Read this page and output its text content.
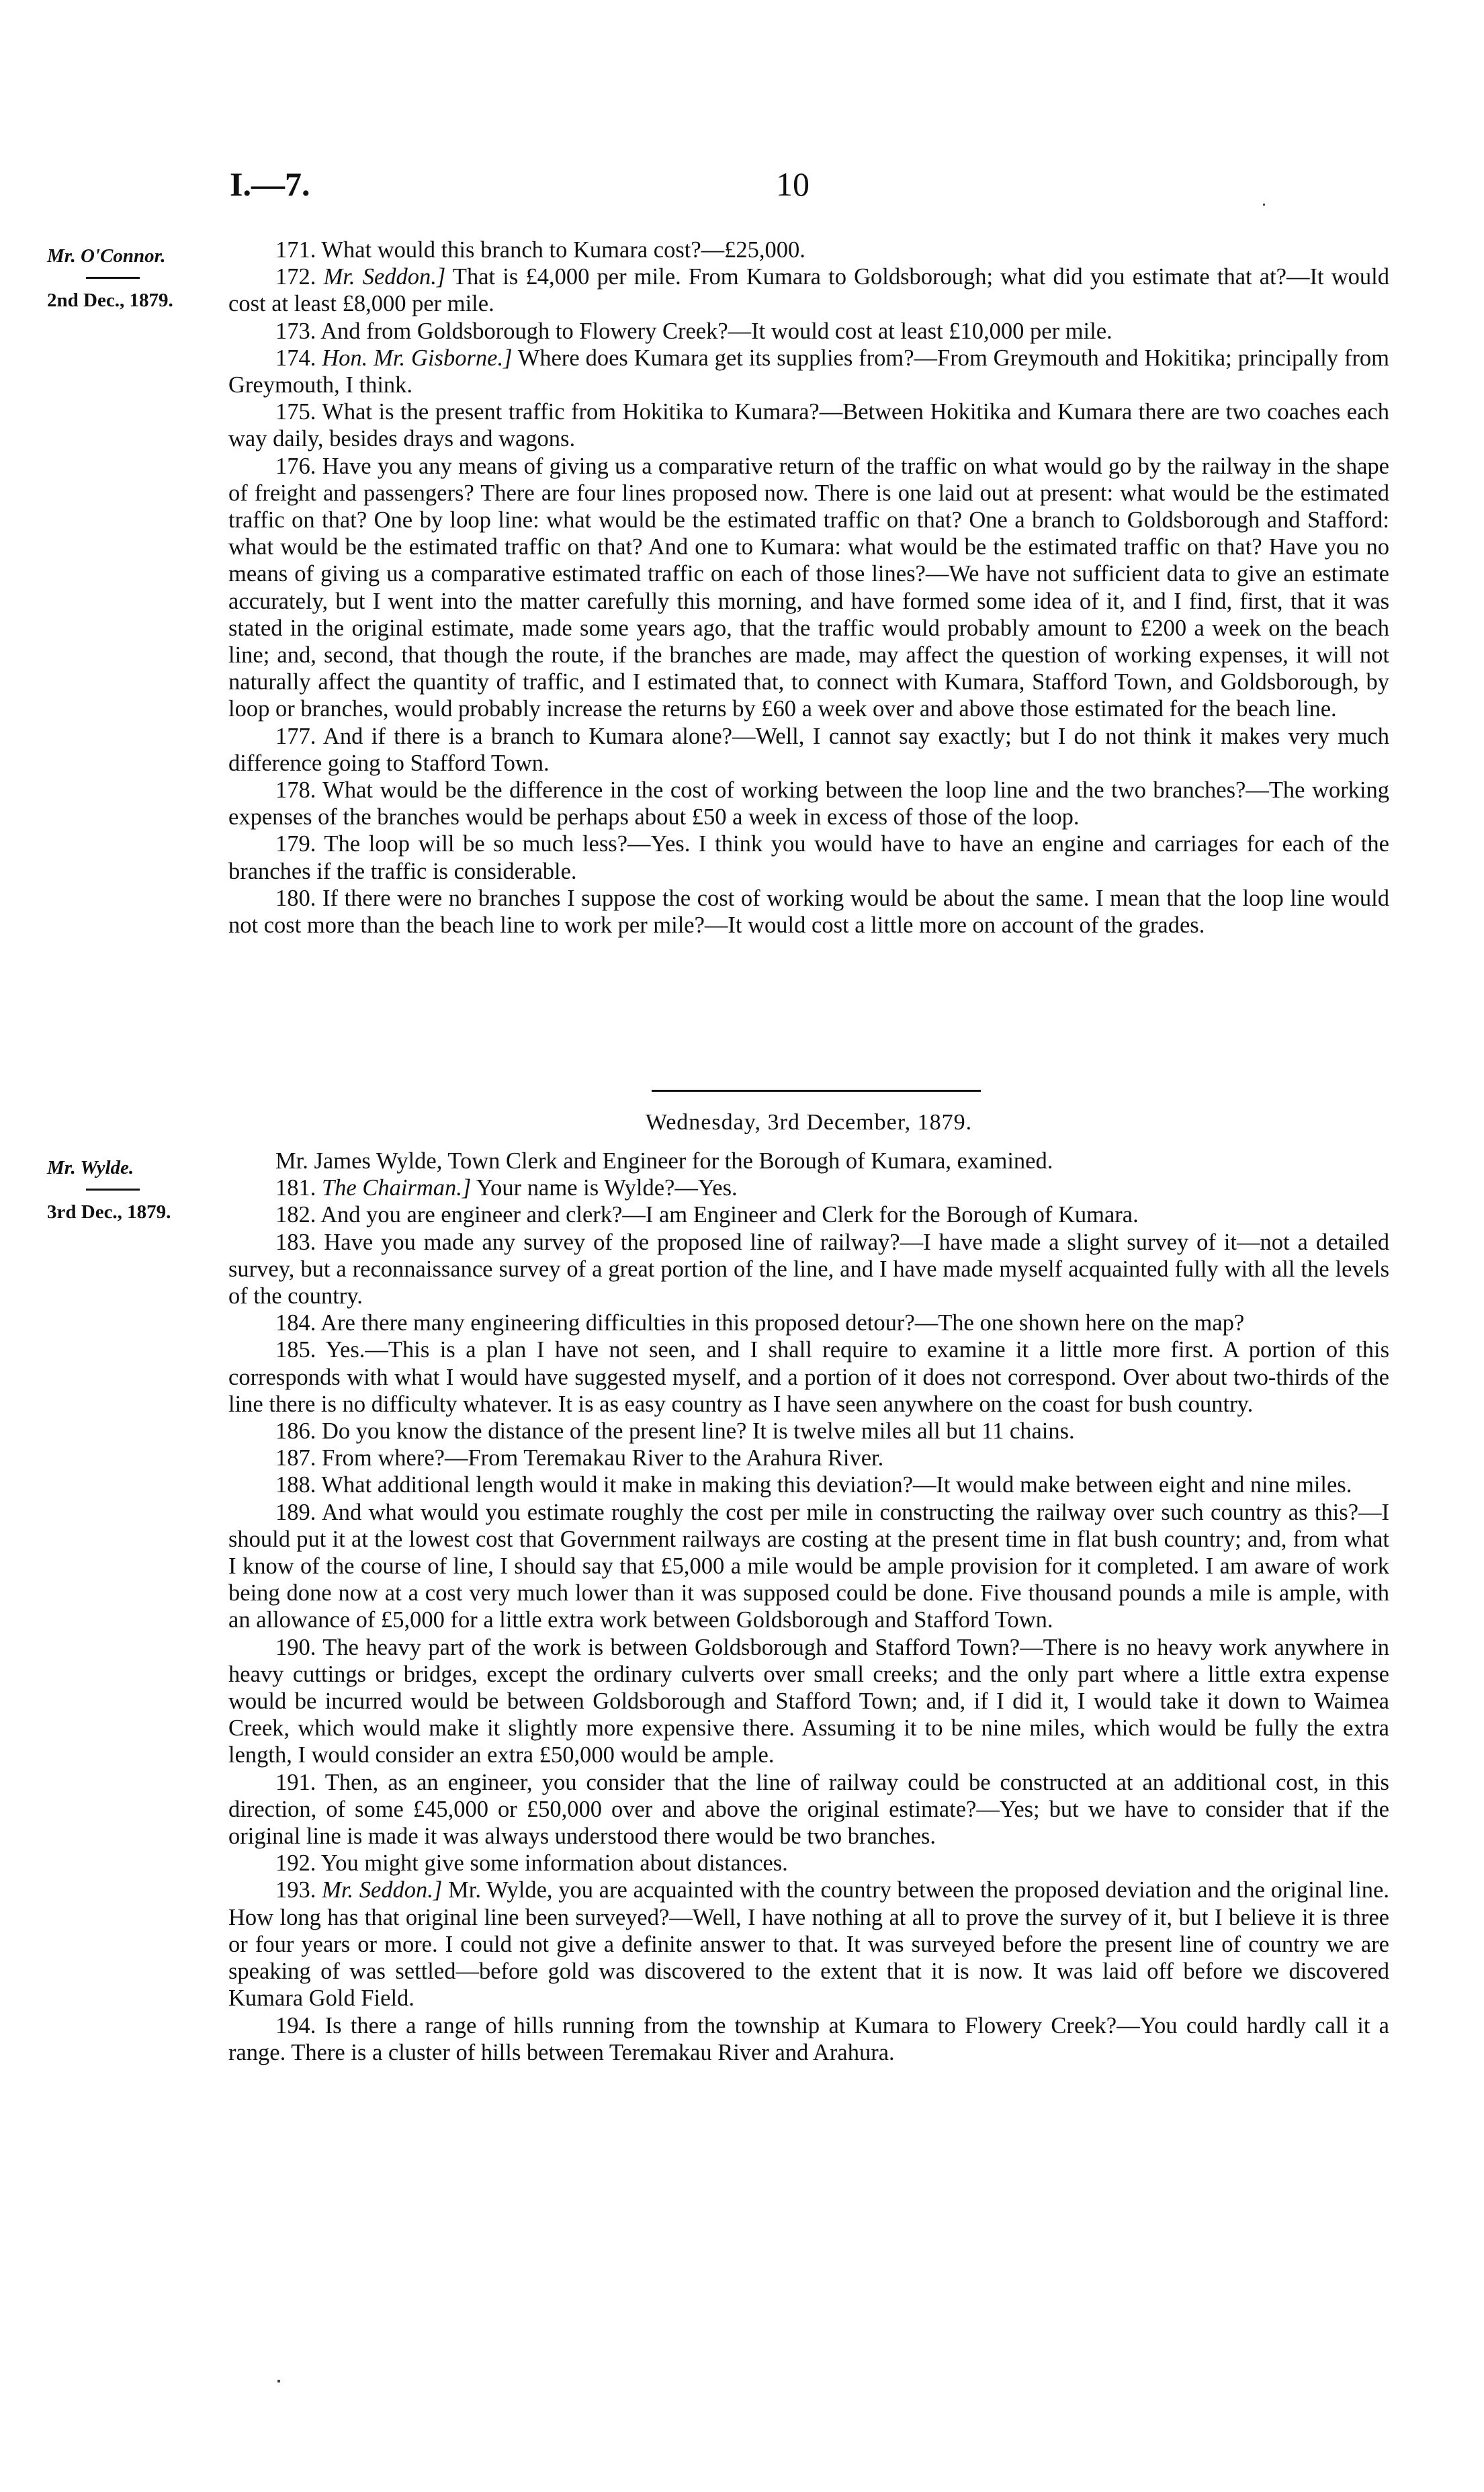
I.—7.	10
Mr. O'Connor.
2nd Dec., 1879.
Mr. Wylde.
3rd Dec., 1879.

171. What would this branch to Kumara cost?—£25,000.

172. Mr. Seddon.] That is £4,000 per mile. From Kumara to Goldsborough; what did you estimate that at?—It would cost at least £8,000 per mile.

173. And from Goldsborough to Flowery Creek?—It would cost at least £10,000 per mile.

174. Hon. Mr. Gisborne.] Where does Kumara get its supplies from?—From Greymouth and Hokitika; principally from Greymouth, I think.

175. What is the present traffic from Hokitika to Kumara?—Between Hokitika and Kumara there are two coaches each way daily, besides drays and wagons.

176. Have you any means of giving us a comparative return of the traffic on what would go by the railway in the shape of freight and passengers? There are four lines proposed now. There is one laid out at present: what would be the estimated traffic on that? One by loop line: what would be the estimated traffic on that? One a branch to Goldsborough and Stafford: what would be the estimated traffic on that? And one to Kumara: what would be the estimated traffic on that? Have you no means of giving us a comparative estimated traffic on each of those lines?—We have not sufficient data to give an estimate accurately, but I went into the matter carefully this morning, and have formed some idea of it, and I find, first, that it was stated in the original estimate, made some years ago, that the traffic would probably amount to £200 a week on the beach line; and, second, that though the route, if the branches are made, may affect the question of working expenses, it will not naturally affect the quantity of traffic, and I estimated that, to connect with Kumara, Stafford Town, and Goldsborough, by loop or branches, would probably increase the returns by £60 a week over and above those estimated for the beach line.

177. And if there is a branch to Kumara alone?—Well, I cannot say exactly; but I do not think it makes very much difference going to Stafford Town.

178. What would be the difference in the cost of working between the loop line and the two branches?—The working expenses of the branches would be perhaps about £50 a week in excess of those of the loop.

179. The loop will be so much less?—Yes. I think you would have to have an engine and carriages for each of the branches if the traffic is considerable.

180. If there were no branches I suppose the cost of working would be about the same. I mean that the loop line would not cost more than the beach line to work per mile?—It would cost a little more on account of the grades.

Wednesday, 3rd December, 1879.

Mr. James Wylde, Town Clerk and Engineer for the Borough of Kumara, examined.

181. The Chairman.] Your name is Wylde?—Yes.

182. And you are engineer and clerk?—I am Engineer and Clerk for the Borough of Kumara.

183. Have you made any survey of the proposed line of railway?—I have made a slight survey of it—not a detailed survey, but a reconnaissance survey of a great portion of the line, and I have made myself acquainted fully with all the levels of the country.

184. Are there many engineering difficulties in this proposed detour?—The one shown here on the map?

185. Yes.—This is a plan I have not seen, and I shall require to examine it a little more first. A portion of this corresponds with what I would have suggested myself, and a portion of it does not correspond. Over about two-thirds of the line there is no difficulty whatever. It is as easy country as I have seen anywhere on the coast for bush country.

186. Do you know the distance of the present line? It is twelve miles all but 11 chains.

187. From where?—From Teremakau River to the Arahura River.

188. What additional length would it make in making this deviation?—It would make between eight and nine miles.

189. And what would you estimate roughly the cost per mile in constructing the railway over such country as this?—I should put it at the lowest cost that Government railways are costing at the present time in flat bush country; and, from what I know of the course of line, I should say that £5,000 a mile would be ample provision for it completed. I am aware of work being done now at a cost very much lower than it was supposed could be done. Five thousand pounds a mile is ample, with an allowance of £5,000 for a little extra work between Goldsborough and Stafford Town.

190. The heavy part of the work is between Goldsborough and Stafford Town?—There is no heavy work anywhere in heavy cuttings or bridges, except the ordinary culverts over small creeks; and the only part where a little extra expense would be incurred would be between Goldsborough and Stafford Town; and, if I did it, I would take it down to Waimea Creek, which would make it slightly more expensive there. Assuming it to be nine miles, which would be fully the extra length, I would consider an extra £50,000 would be ample.

191. Then, as an engineer, you consider that the line of railway could be constructed at an additional cost, in this direction, of some £45,000 or £50,000 over and above the original estimate?—Yes; but we have to consider that if the original line is made it was always understood there would be two branches.

192. You might give some information about distances.

193. Mr. Seddon.] Mr. Wylde, you are acquainted with the country between the proposed deviation and the original line. How long has that original line been surveyed?—Well, I have nothing at all to prove the survey of it, but I believe it is three or four years or more. I could not give a definite answer to that. It was surveyed before the present line of country we are speaking of was settled—before gold was discovered to the extent that it is now. It was laid off before we discovered Kumara Gold Field.

194. Is there a range of hills running from the township at Kumara to Flowery Creek?—You could hardly call it a range. There is a cluster of hills between Teremakau River and Arahura.
